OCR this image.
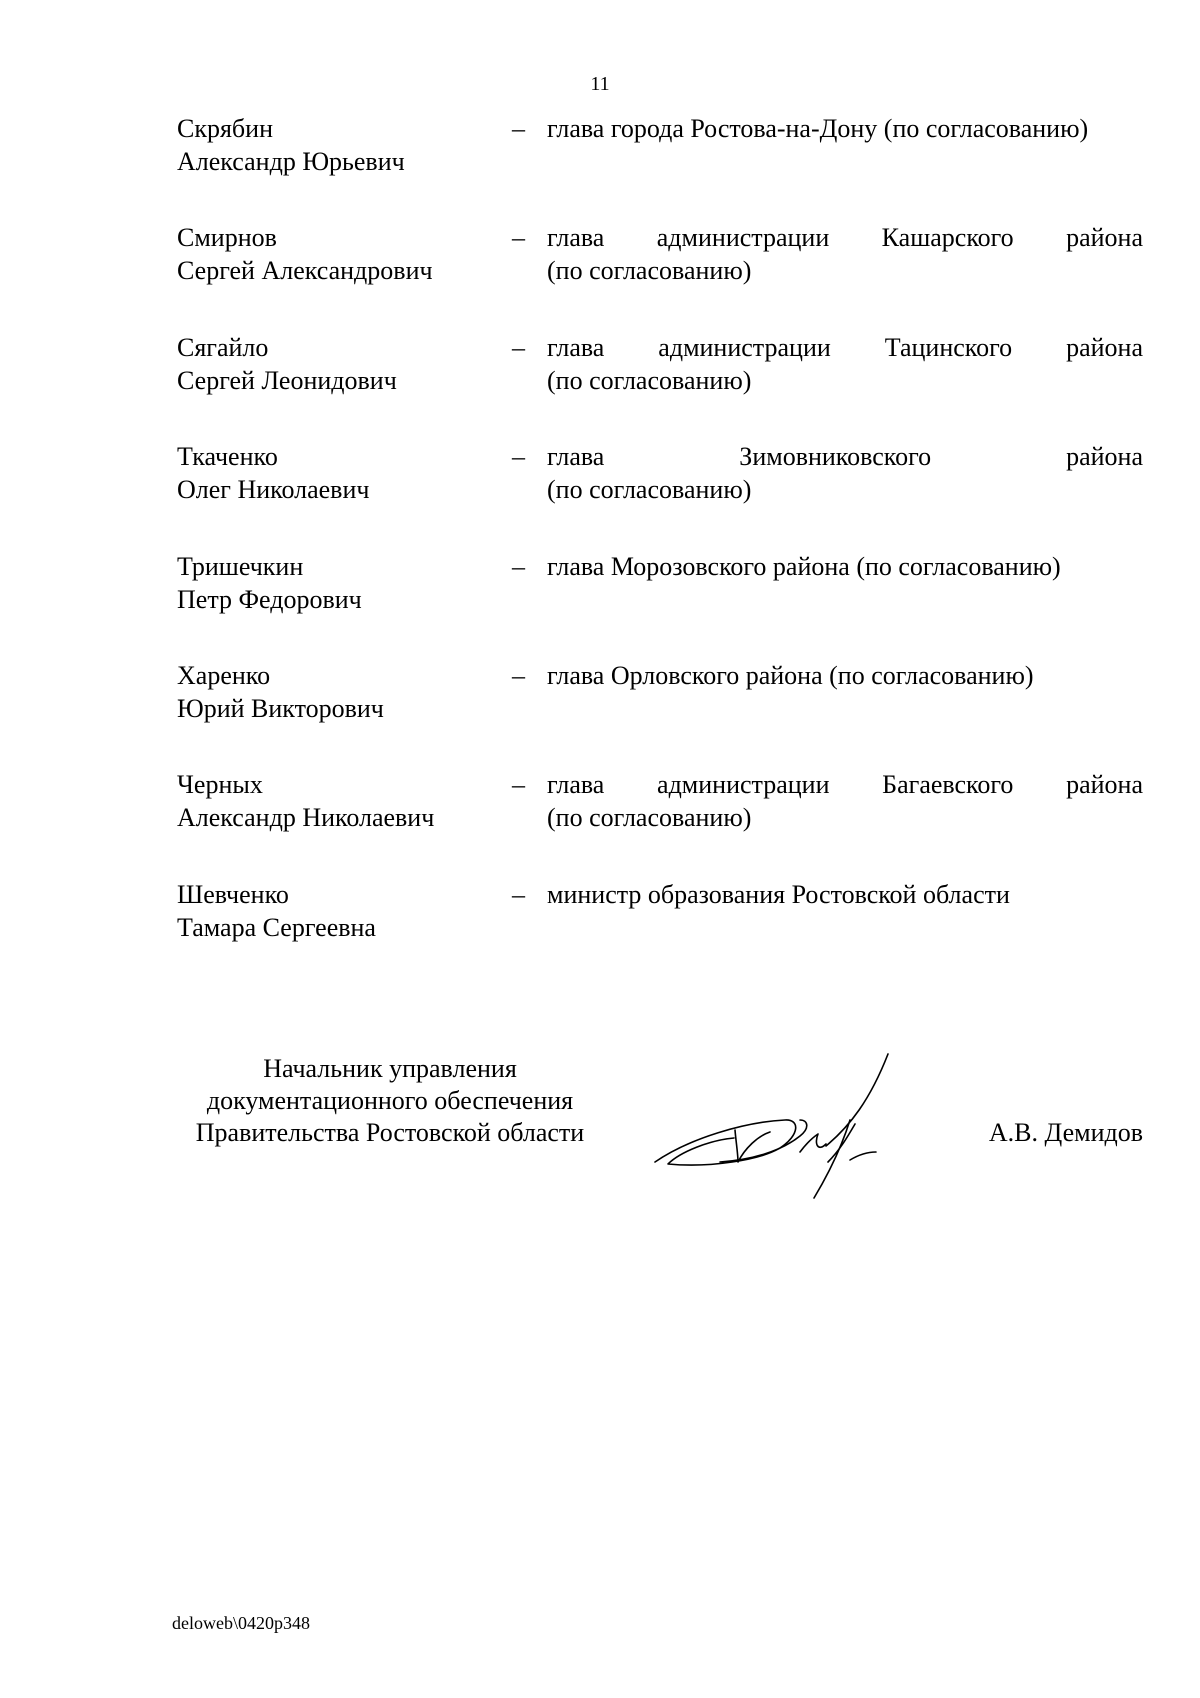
11
Скрябин
Александр Юрьевич
– глава города Ростова-на-Дону (по согласованию)
Смирнов
Сергей Александрович
– глава администрации Кашарского района
(по согласованию)
Сягайло
Сергей Леонидович
– глава администрации Тацинского района
(по согласованию)
Ткаченко
Олег Николаевич
– глава Зимовниковского района
(по согласованию)
Тришечкин
Петр Федорович
– глава Морозовского района (по согласованию)
Харенко
Юрий Викторович
– глава Орловского района (по согласованию)
Черных
Александр Николаевич
– глава администрации Багаевского района
(по согласованию)
Шевченко
Тамара Сергеевна
– министр образования Ростовской области
Начальник управления
документационного обеспечения
Правительства Ростовской области	А.В. Демидов
deloweb\0420p348
